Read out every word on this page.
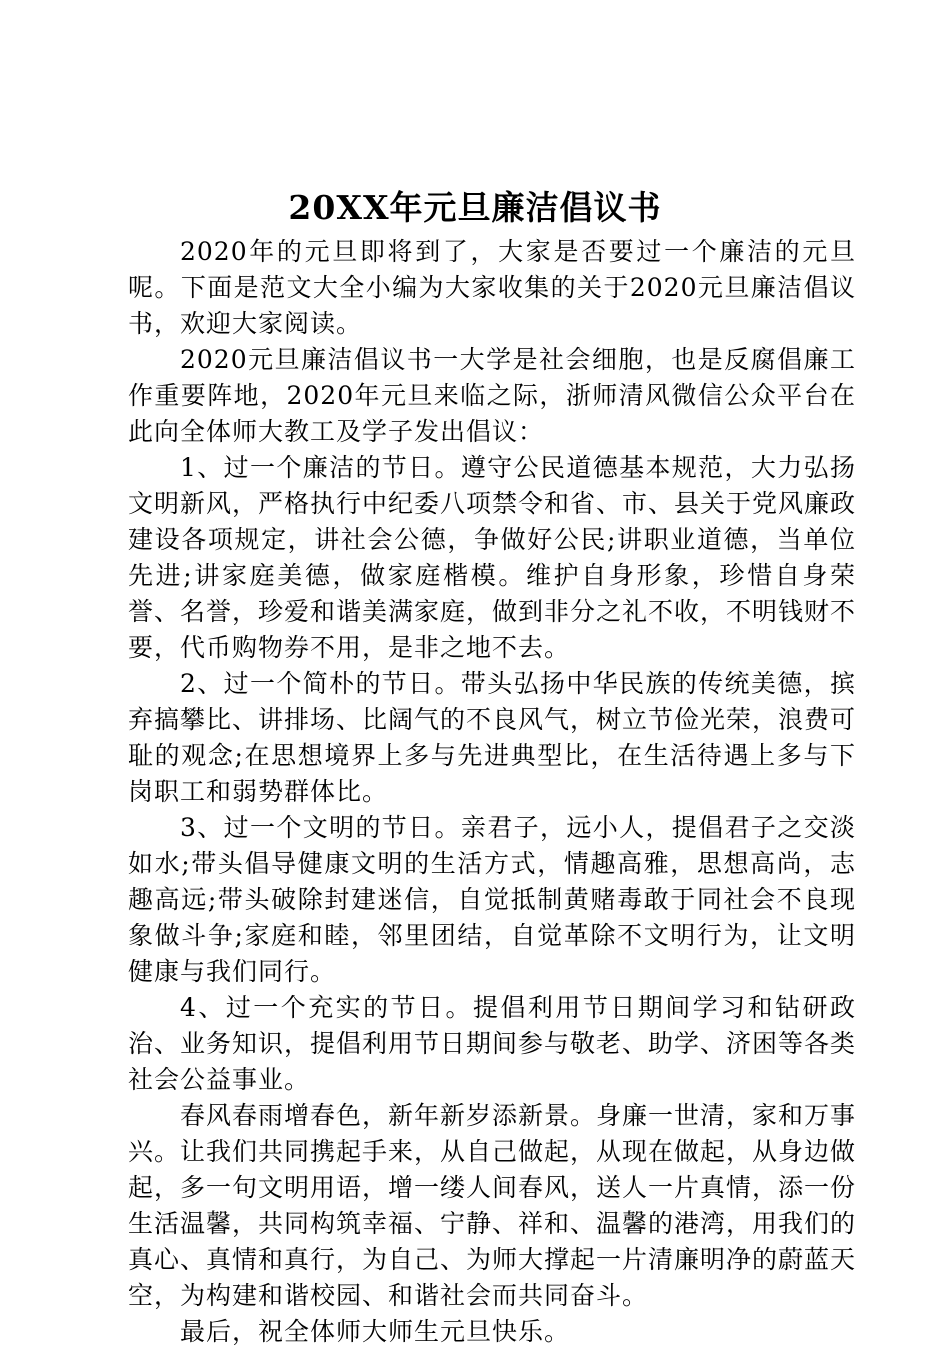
20XX年元旦廉洁倡议书

2020年的元旦即将到了，大家是否要过一个廉洁的元旦呢。下面是范文大全小编为大家收集的关于2020元旦廉洁倡议书，欢迎大家阅读。

2020元旦廉洁倡议书一大学是社会细胞，也是反腐倡廉工作重要阵地，2020年元旦来临之际，浙师清风微信公众平台在此向全体师大教工及学子发出倡议：

1、过一个廉洁的节日。遵守公民道德基本规范，大力弘扬文明新风，严格执行中纪委八项禁令和省、市、县关于党风廉政建设各项规定，讲社会公德，争做好公民;讲职业道德，当单位先进;讲家庭美德，做家庭楷模。维护自身形象，珍惜自身荣誉、名誉，珍爱和谐美满家庭，做到非分之礼不收，不明钱财不要，代币购物券不用，是非之地不去。

2、过一个简朴的节日。带头弘扬中华民族的传统美德，摈弃搞攀比、讲排场、比阔气的不良风气，树立节俭光荣，浪费可耻的观念;在思想境界上多与先进典型比，在生活待遇上多与下岗职工和弱势群体比。

3、过一个文明的节日。亲君子，远小人，提倡君子之交淡如水;带头倡导健康文明的生活方式，情趣高雅，思想高尚，志趣高远;带头破除封建迷信，自觉抵制黄赌毒敢于同社会不良现象做斗争;家庭和睦，邻里团结，自觉革除不文明行为，让文明健康与我们同行。

4、过一个充实的节日。提倡利用节日期间学习和钻研政治、业务知识，提倡利用节日期间参与敬老、助学、济困等各类社会公益事业。

春风春雨增春色，新年新岁添新景。身廉一世清，家和万事兴。让我们共同携起手来，从自己做起，从现在做起，从身边做起，多一句文明用语，增一缕人间春风，送人一片真情，添一份生活温馨，共同构筑幸福、宁静、祥和、温馨的港湾，用我们的真心、真情和真行，为自己、为师大撑起一片清廉明净的蔚蓝天空，为构建和谐校园、和谐社会而共同奋斗。

最后，祝全体师大师生元旦快乐。
